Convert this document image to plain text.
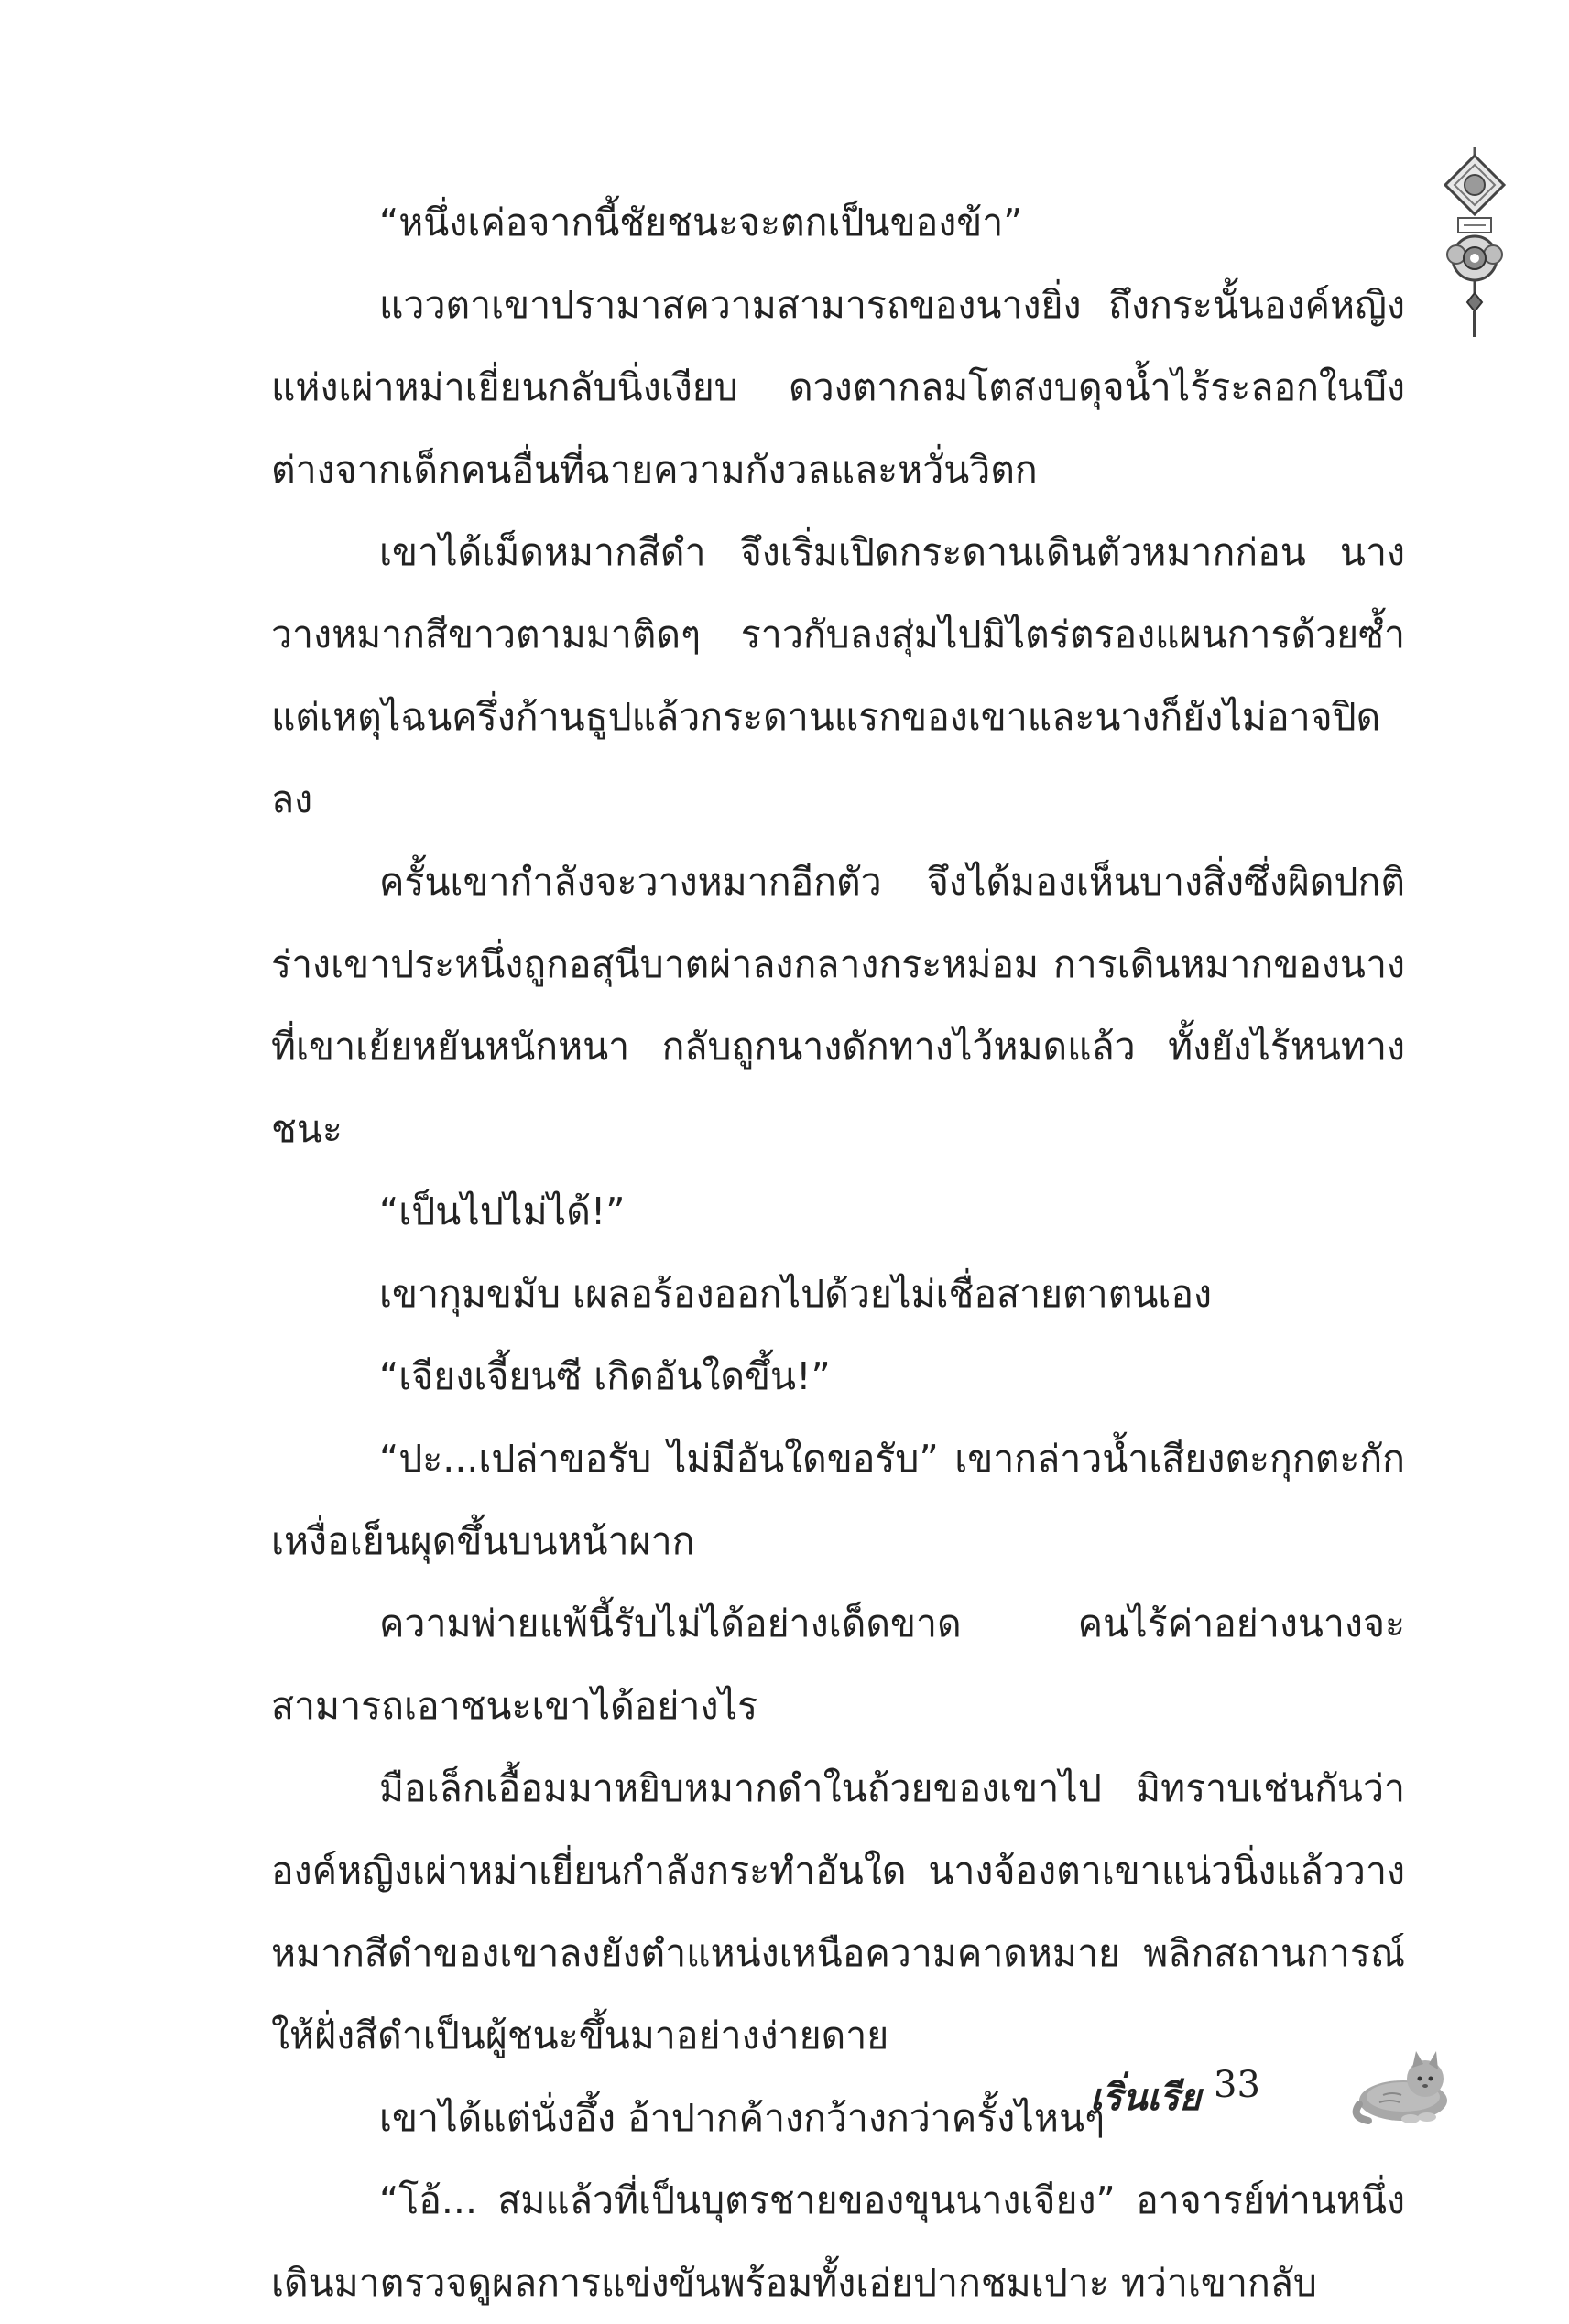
“หนึ่งเค่อจากนี้ชัยชนะจะตกเป็นของข้า”

แววตาเขาปรามาสความสามารถของนางยิ่ง ถึงกระนั้นองค์หญิงแห่งเผ่าหม่าเยี่ยนกลับนิ่งเงียบ ดวงตากลมโตสงบดุจน้ำไร้ระลอกในบึง ต่างจากเด็กคนอื่นที่ฉายความกังวลและหวั่นวิตก

เขาได้เม็ดหมากสีดำ จึงเริ่มเปิดกระดานเดินตัวหมากก่อน นางวางหมากสีขาวตามมาติดๆ ราวกับลงสุ่มไปมิไตร่ตรองแผนการด้วยซ้ำ แต่เหตุไฉนครึ่งก้านธูปแล้วกระดานแรกของเขาและนางก็ยังไม่อาจปิดลง

ครั้นเขากำลังจะวางหมากอีกตัว จึงได้มองเห็นบางสิ่งซึ่งผิดปกติ ร่างเขาประหนึ่งถูกอสุนีบาตผ่าลงกลางกระหม่อม การเดินหมากของนางที่เขาเย้ยหยันหนักหนา กลับถูกนางดักทางไว้หมดแล้ว ทั้งยังไร้หนทางชนะ

“เป็นไปไม่ได้!”

เขากุมขมับ เผลอร้องออกไปด้วยไม่เชื่อสายตาตนเอง

“เจียงเจี้ยนซี เกิดอันใดขึ้น!”

“ปะ...เปล่าขอรับ ไม่มีอันใดขอรับ” เขากล่าวน้ำเสียงตะกุกตะกัก เหงื่อเย็นผุดขึ้นบนหน้าผาก

ความพ่ายแพ้นี้รับไม่ได้อย่างเด็ดขาด คนไร้ค่าอย่างนางจะสามารถเอาชนะเขาได้อย่างไร

มือเล็กเอื้อมมาหยิบหมากดำในถ้วยของเขาไป มิทราบเช่นกันว่าองค์หญิงเผ่าหม่าเยี่ยนกำลังกระทำอันใด นางจ้องตาเขาแน่วนิ่งแล้ววางหมากสีดำของเขาลงยังตำแหน่งเหนือความคาดหมาย พลิกสถานการณ์ให้ฝั่งสีดำเป็นผู้ชนะขึ้นมาอย่างง่ายดาย

เขาได้แต่นั่งอึ้ง อ้าปากค้างกว้างกว่าครั้งไหนๆ

“โอ้... สมแล้วที่เป็นบุตรชายของขุนนางเจียง” อาจารย์ท่านหนึ่งเดินมาตรวจดูผลการแข่งขันพร้อมทั้งเอ่ยปากชมเปาะ ทว่าเขากลับ

เริ่นเรีย 33
